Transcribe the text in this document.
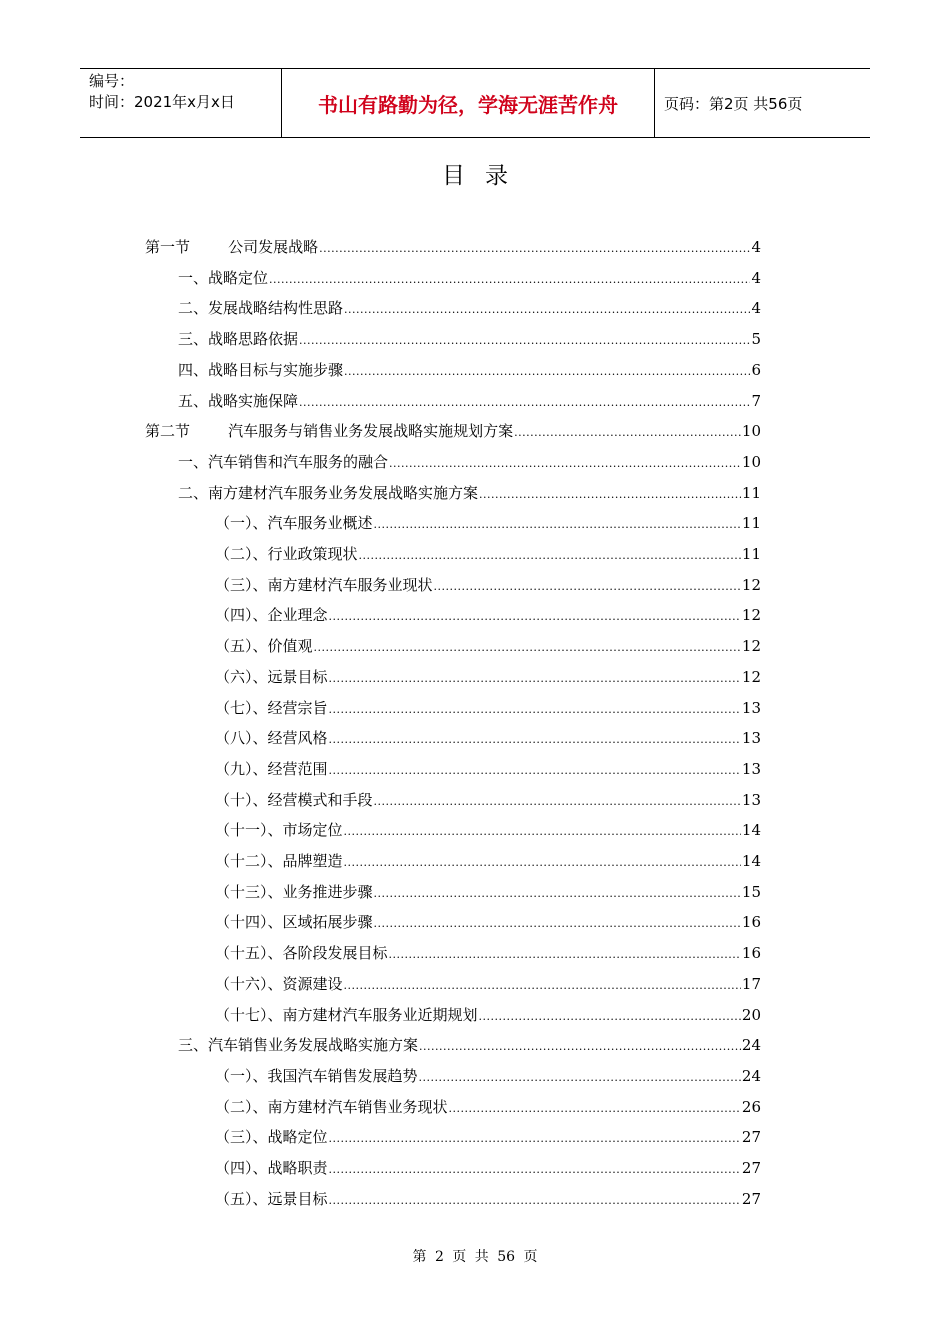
编号：
时间：2021年x月x日	书山有路勤为径，学海无涯苦作舟	页码：第2页 共56页
目录
第一节        公司发展战略 .....	4
一、战略定位 .....	4
二、发展战略结构性思路 .....	4
三、战略思路依据 .....	5
四、战略目标与实施步骤 .....	6
五、战略实施保障 .....	7
第二节        汽车服务与销售业务发展战略实施规划方案 .....	10
一、汽车销售和汽车服务的融合 .....	10
二、南方建材汽车服务业务发展战略实施方案 .....	11
（一）、汽车服务业概述 .....	11
（二）、行业政策现状 .....	11
（三）、南方建材汽车服务业现状 .....	12
（四）、企业理念 .....	12
（五）、价值观 .....	12
（六）、远景目标 .....	12
（七）、经营宗旨 .....	13
（八）、经营风格 .....	13
（九）、经营范围 .....	13
（十）、经营模式和手段 .....	13
（十一）、市场定位 .....	14
（十二）、品牌塑造 .....	14
（十三）、业务推进步骤 .....	15
（十四）、区域拓展步骤 .....	16
（十五）、各阶段发展目标 .....	16
（十六）、资源建设 .....	17
（十七）、南方建材汽车服务业近期规划 .....	20
三、汽车销售业务发展战略实施方案 .....	24
（一）、我国汽车销售发展趋势 .....	24
（二）、南方建材汽车销售业务现状 .....	26
（三）、战略定位 .....	27
（四）、战略职责 .....	27
（五）、远景目标 .....	27
第 2 页 共 56 页
